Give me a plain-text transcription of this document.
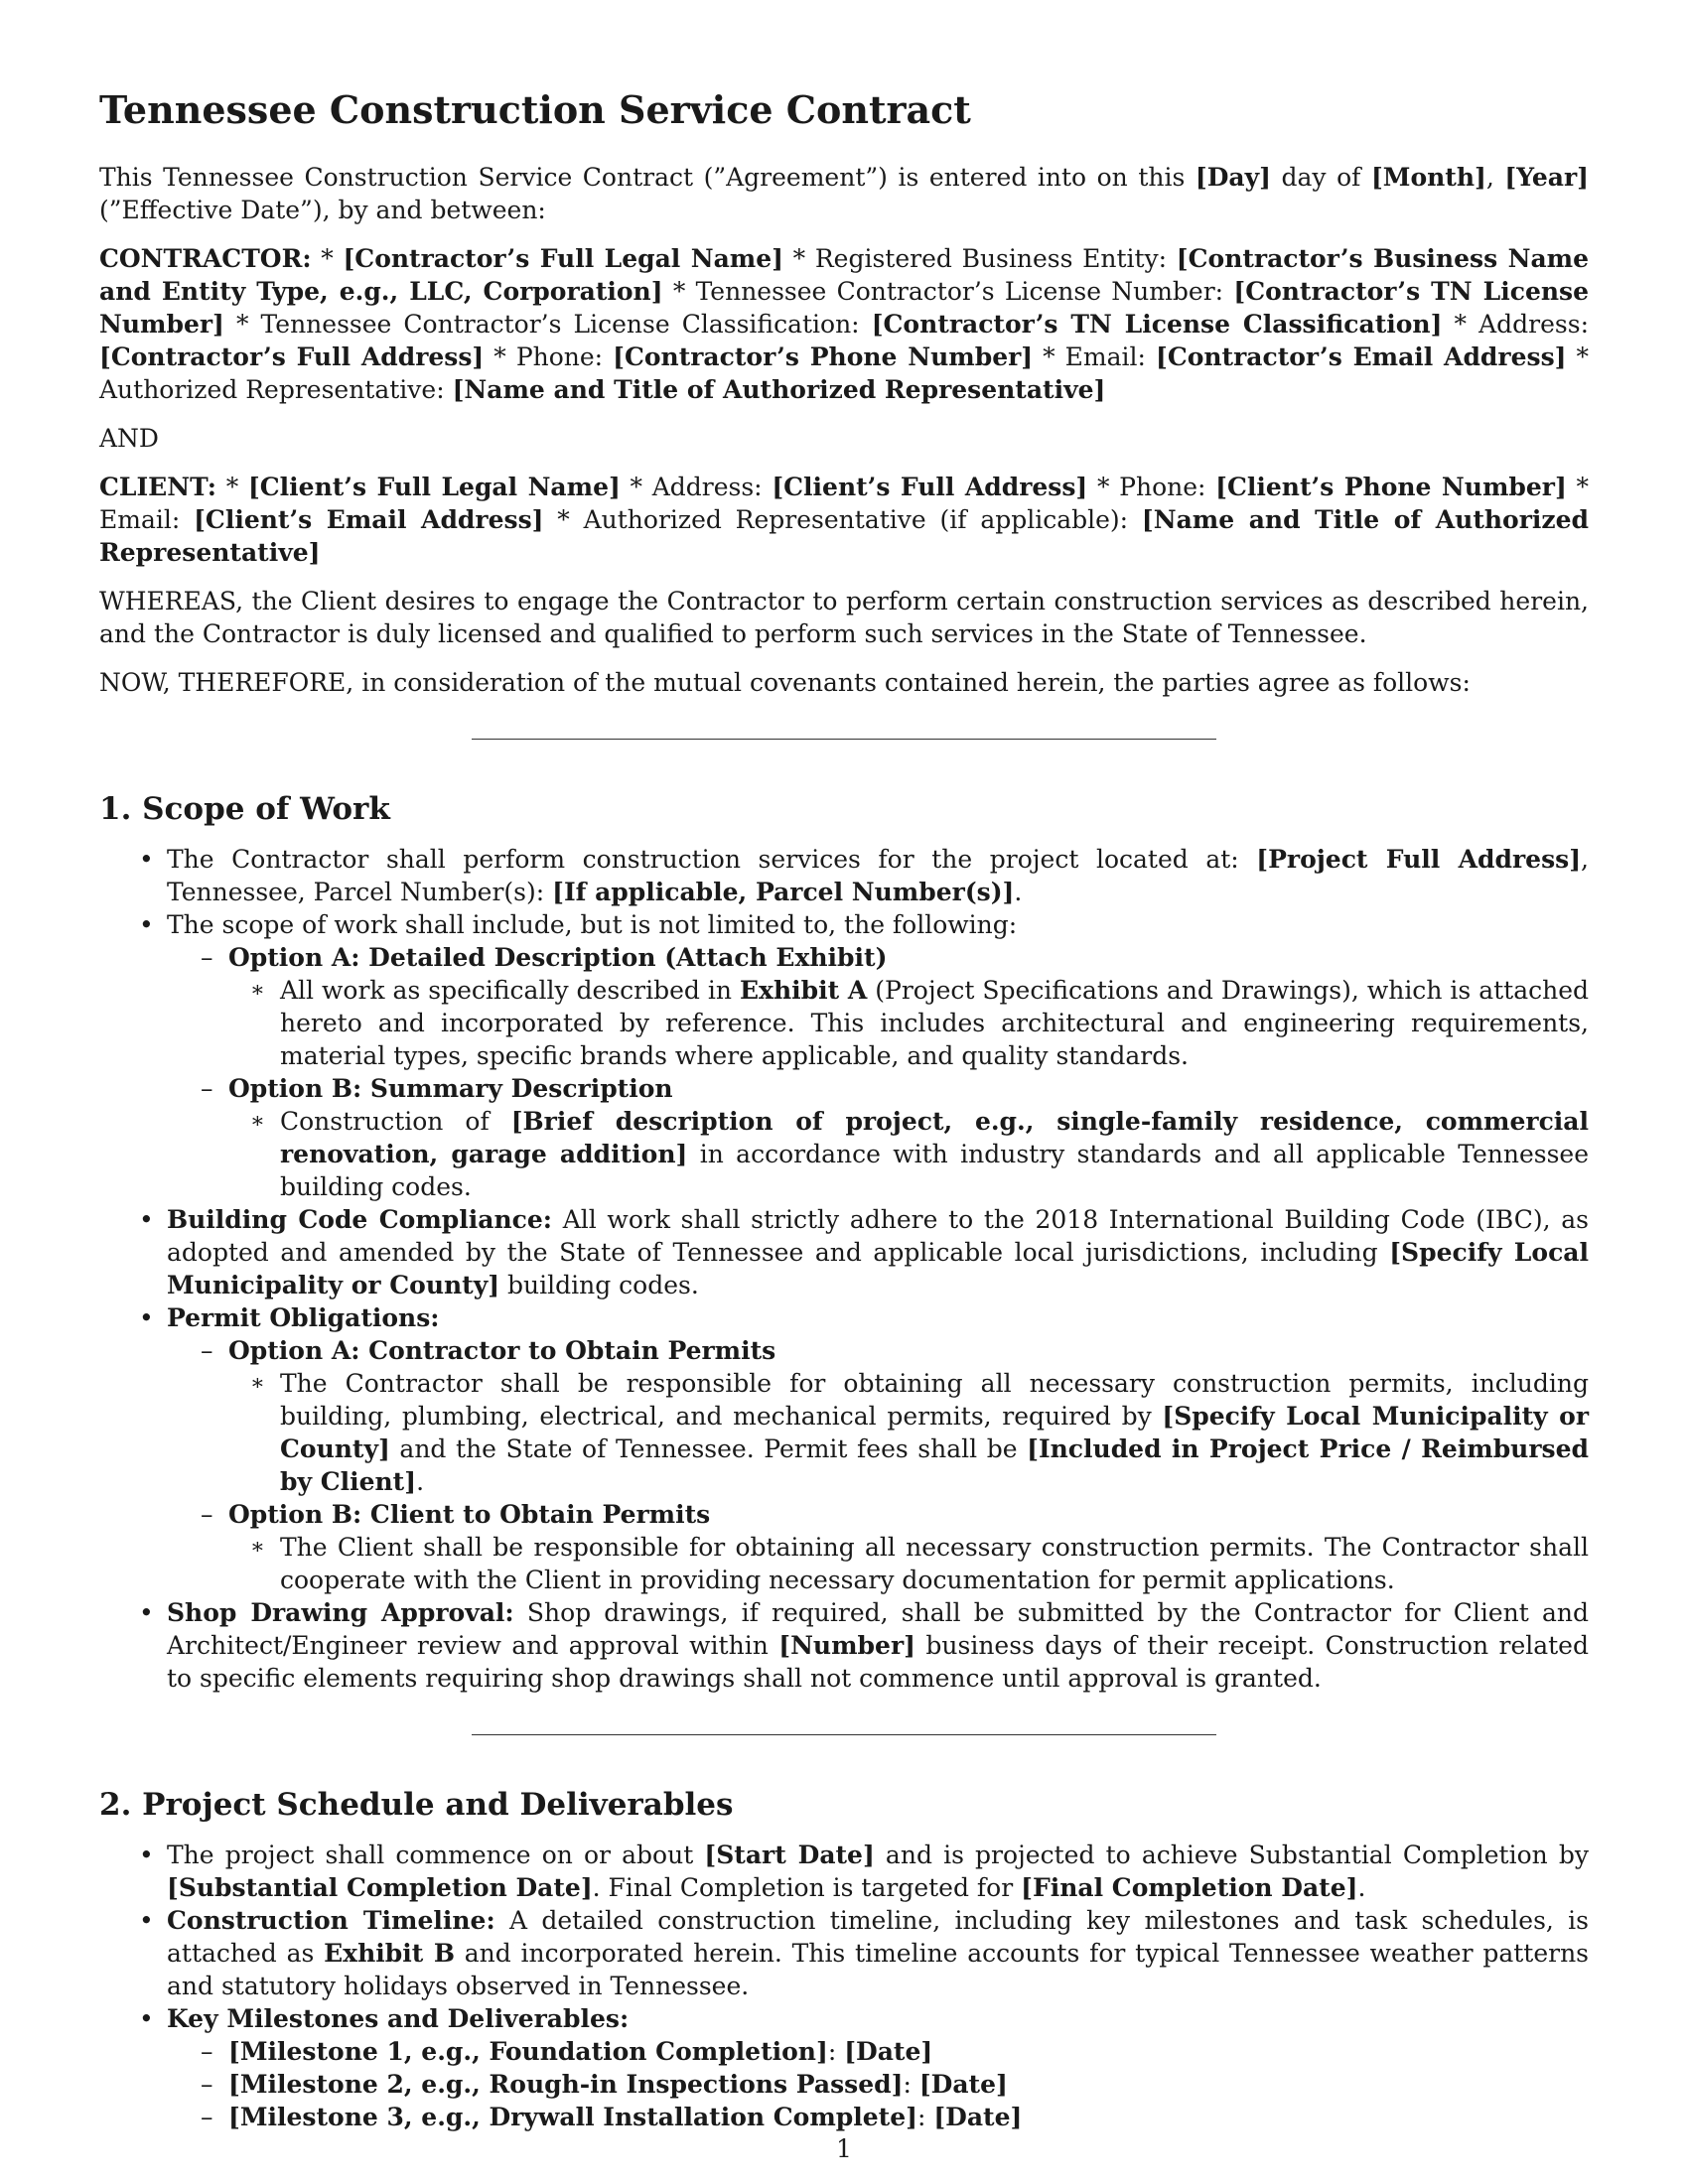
Tennessee Construction Service Contract

This Tennessee Construction Service Contract (”Agreement”) is entered into on this [Day] day of [Month], [Year] (”Effective Date”), by and between:

CONTRACTOR: * [Contractor’s Full Legal Name] * Registered Business Entity: [Contractor’s Business Name and Entity Type, e.g., LLC, Corporation] * Tennessee Contractor’s License Number: [Contractor’s TN License Number] * Tennessee Contractor’s License Classification: [Contractor’s TN License Classification] * Address: [Contractor’s Full Address] * Phone: [Contractor’s Phone Number] * Email: [Contractor’s Email Address] * Authorized Representative: [Name and Title of Authorized Representative]

AND

CLIENT: * [Client’s Full Legal Name] * Address: [Client’s Full Address] * Phone: [Client’s Phone Number] * Email: [Client’s Email Address] * Authorized Representative (if applicable): [Name and Title of Authorized Representative]

WHEREAS, the Client desires to engage the Contractor to perform certain construction services as described herein, and the Contractor is duly licensed and qualified to perform such services in the State of Tennessee.

NOW, THEREFORE, in consideration of the mutual covenants contained herein, the parties agree as follows:

1. Scope of Work
• The Contractor shall perform construction services for the project located at: [Project Full Address], Tennessee, Parcel Number(s): [If applicable, Parcel Number(s)].
• The scope of work shall include, but is not limited to, the following:
– Option A: Detailed Description (Attach Exhibit)
∗ All work as specifically described in Exhibit A (Project Specifications and Drawings), which is attached hereto and incorporated by reference. This includes architectural and engineering requirements, material types, specific brands where applicable, and quality standards.
– Option B: Summary Description
∗ Construction of [Brief description of project, e.g., single-family residence, commercial renovation, garage addition] in accordance with industry standards and all applicable Tennessee building codes.
• Building Code Compliance: All work shall strictly adhere to the 2018 International Building Code (IBC), as adopted and amended by the State of Tennessee and applicable local jurisdictions, including [Specify Local Municipality or County] building codes.
• Permit Obligations:
– Option A: Contractor to Obtain Permits
∗ The Contractor shall be responsible for obtaining all necessary construction permits, including building, plumbing, electrical, and mechanical permits, required by [Specify Local Municipality or County] and the State of Tennessee. Permit fees shall be [Included in Project Price / Reimbursed by Client].
– Option B: Client to Obtain Permits
∗ The Client shall be responsible for obtaining all necessary construction permits. The Contractor shall cooperate with the Client in providing necessary documentation for permit applications.
• Shop Drawing Approval: Shop drawings, if required, shall be submitted by the Contractor for Client and Architect/Engineer review and approval within [Number] business days of their receipt. Construction related to specific elements requiring shop drawings shall not commence until approval is granted.
2. Project Schedule and Deliverables
• The project shall commence on or about [Start Date] and is projected to achieve Substantial Completion by [Substantial Completion Date]. Final Completion is targeted for [Final Completion Date].
• Construction Timeline: A detailed construction timeline, including key milestones and task schedules, is attached as Exhibit B and incorporated herein. This timeline accounts for typical Tennessee weather patterns and statutory holidays observed in Tennessee.
• Key Milestones and Deliverables:
– [Milestone 1, e.g., Foundation Completion]: [Date]
– [Milestone 2, e.g., Rough-in Inspections Passed]: [Date]
– [Milestone 3, e.g., Drywall Installation Complete]: [Date]
1
